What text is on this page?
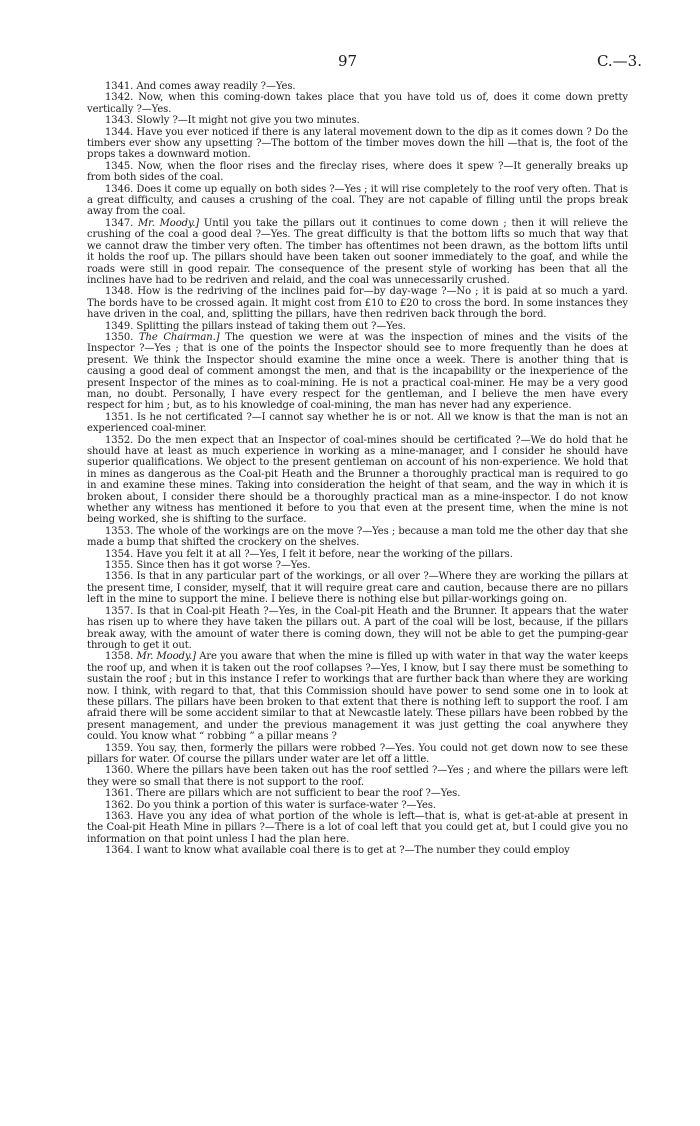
97	C.—3.

1341. And comes away readily ?—Yes.

1342. Now, when this coming-down takes place that you have told us of, does it come down pretty vertically ?—Yes.

1343. Slowly ?—It might not give you two minutes.

1344. Have you ever noticed if there is any lateral movement down to the dip as it comes down ? Do the timbers ever show any upsetting ?—The bottom of the timber moves down the hill —that is, the foot of the props takes a downward motion.

1345. Now, when the floor rises and the fireclay rises, where does it spew ?—It generally breaks up from both sides of the coal.

1346. Does it come up equally on both sides ?—Yes ; it will rise completely to the roof very often. That is a great difficulty, and causes a crushing of the coal. They are not capable of filling until the props break away from the coal.

1347. Mr. Moody.] Until you take the pillars out it continues to come down ; then it will relieve the crushing of the coal a good deal ?—Yes. The great difficulty is that the bottom lifts so much that way that we cannot draw the timber very often. The timber has oftentimes not been drawn, as the bottom lifts until it holds the roof up. The pillars should have been taken out sooner immediately to the goaf, and while the roads were still in good repair. The consequence of the present style of working has been that all the inclines have had to be redriven and relaid, and the coal was unnecessarily crushed.

1348. How is the redriving of the inclines paid for—by day-wage ?—No ; it is paid at so much a yard. The bords have to be crossed again. It might cost from £10 to £20 to cross the bord. In some instances they have driven in the coal, and, splitting the pillars, have then redriven back through the bord.

1349. Splitting the pillars instead of taking them out ?—Yes.

1350. The Chairman.] The question we were at was the inspection of mines and the visits of the Inspector ?—Yes ; that is one of the points the Inspector should see to more frequently than he does at present. We think the Inspector should examine the mine once a week. There is another thing that is causing a good deal of comment amongst the men, and that is the incapability or the inexperience of the present Inspector of the mines as to coal-mining. He is not a practical coal-miner. He may be a very good man, no doubt. Personally, I have every respect for the gentleman, and I believe the men have every respect for him ; but, as to his knowledge of coal-mining, the man has never had any experience.

1351. Is he not certificated ?—I cannot say whether he is or not. All we know is that the man is not an experienced coal-miner.

1352. Do the men expect that an Inspector of coal-mines should be certificated ?—We do hold that he should have at least as much experience in working as a mine-manager, and I consider he should have superior qualifications. We object to the present gentleman on account of his non-experience. We hold that in mines as dangerous as the Coal-pit Heath and the Brunner a thoroughly practical man is required to go in and examine these mines. Taking into consideration the height of that seam, and the way in which it is broken about, I consider there should be a thoroughly practical man as a mine-inspector. I do not know whether any witness has mentioned it before to you that even at the present time, when the mine is not being worked, she is shifting to the surface.

1353. The whole of the workings are on the move ?—Yes ; because a man told me the other day that she made a bump that shifted the crockery on the shelves.

1354. Have you felt it at all ?—Yes, I felt it before, near the working of the pillars.

1355. Since then has it got worse ?—Yes.

1356. Is that in any particular part of the workings, or all over ?—Where they are working the pillars at the present time, I consider, myself, that it will require great care and caution, because there are no pillars left in the mine to support the mine. I believe there is nothing else but pillar-workings going on.

1357. Is that in Coal-pit Heath ?—Yes, in the Coal-pit Heath and the Brunner. It appears that the water has risen up to where they have taken the pillars out. A part of the coal will be lost, because, if the pillars break away, with the amount of water there is coming down, they will not be able to get the pumping-gear through to get it out.

1358. Mr. Moody.] Are you aware that when the mine is filled up with water in that way the water keeps the roof up, and when it is taken out the roof collapses ?—Yes, I know, but I say there must be something to sustain the roof ; but in this instance I refer to workings that are further back than where they are working now. I think, with regard to that, that this Commission should have power to send some one in to look at these pillars. The pillars have been broken to that extent that there is nothing left to support the roof. I am afraid there will be some accident similar to that at Newcastle lately. These pillars have been robbed by the present management, and under the previous management it was just getting the coal anywhere they could. You know what “ robbing ” a pillar means ?

1359. You say, then, formerly the pillars were robbed ?—Yes. You could not get down now to see these pillars for water. Of course the pillars under water are let off a little.

1360. Where the pillars have been taken out has the roof settled ?—Yes ; and where the pillars were left they were so small that there is not support to the roof.

1361. There are pillars which are not sufficient to bear the roof ?—Yes.

1362. Do you think a portion of this water is surface-water ?—Yes.

1363. Have you any idea of what portion of the whole is left—that is, what is get-at-able at present in the Coal-pit Heath Mine in pillars ?—There is a lot of coal left that you could get at, but I could give you no information on that point unless I had the plan here.

1364. I want to know what available coal there is to get at ?—The number they could employ
